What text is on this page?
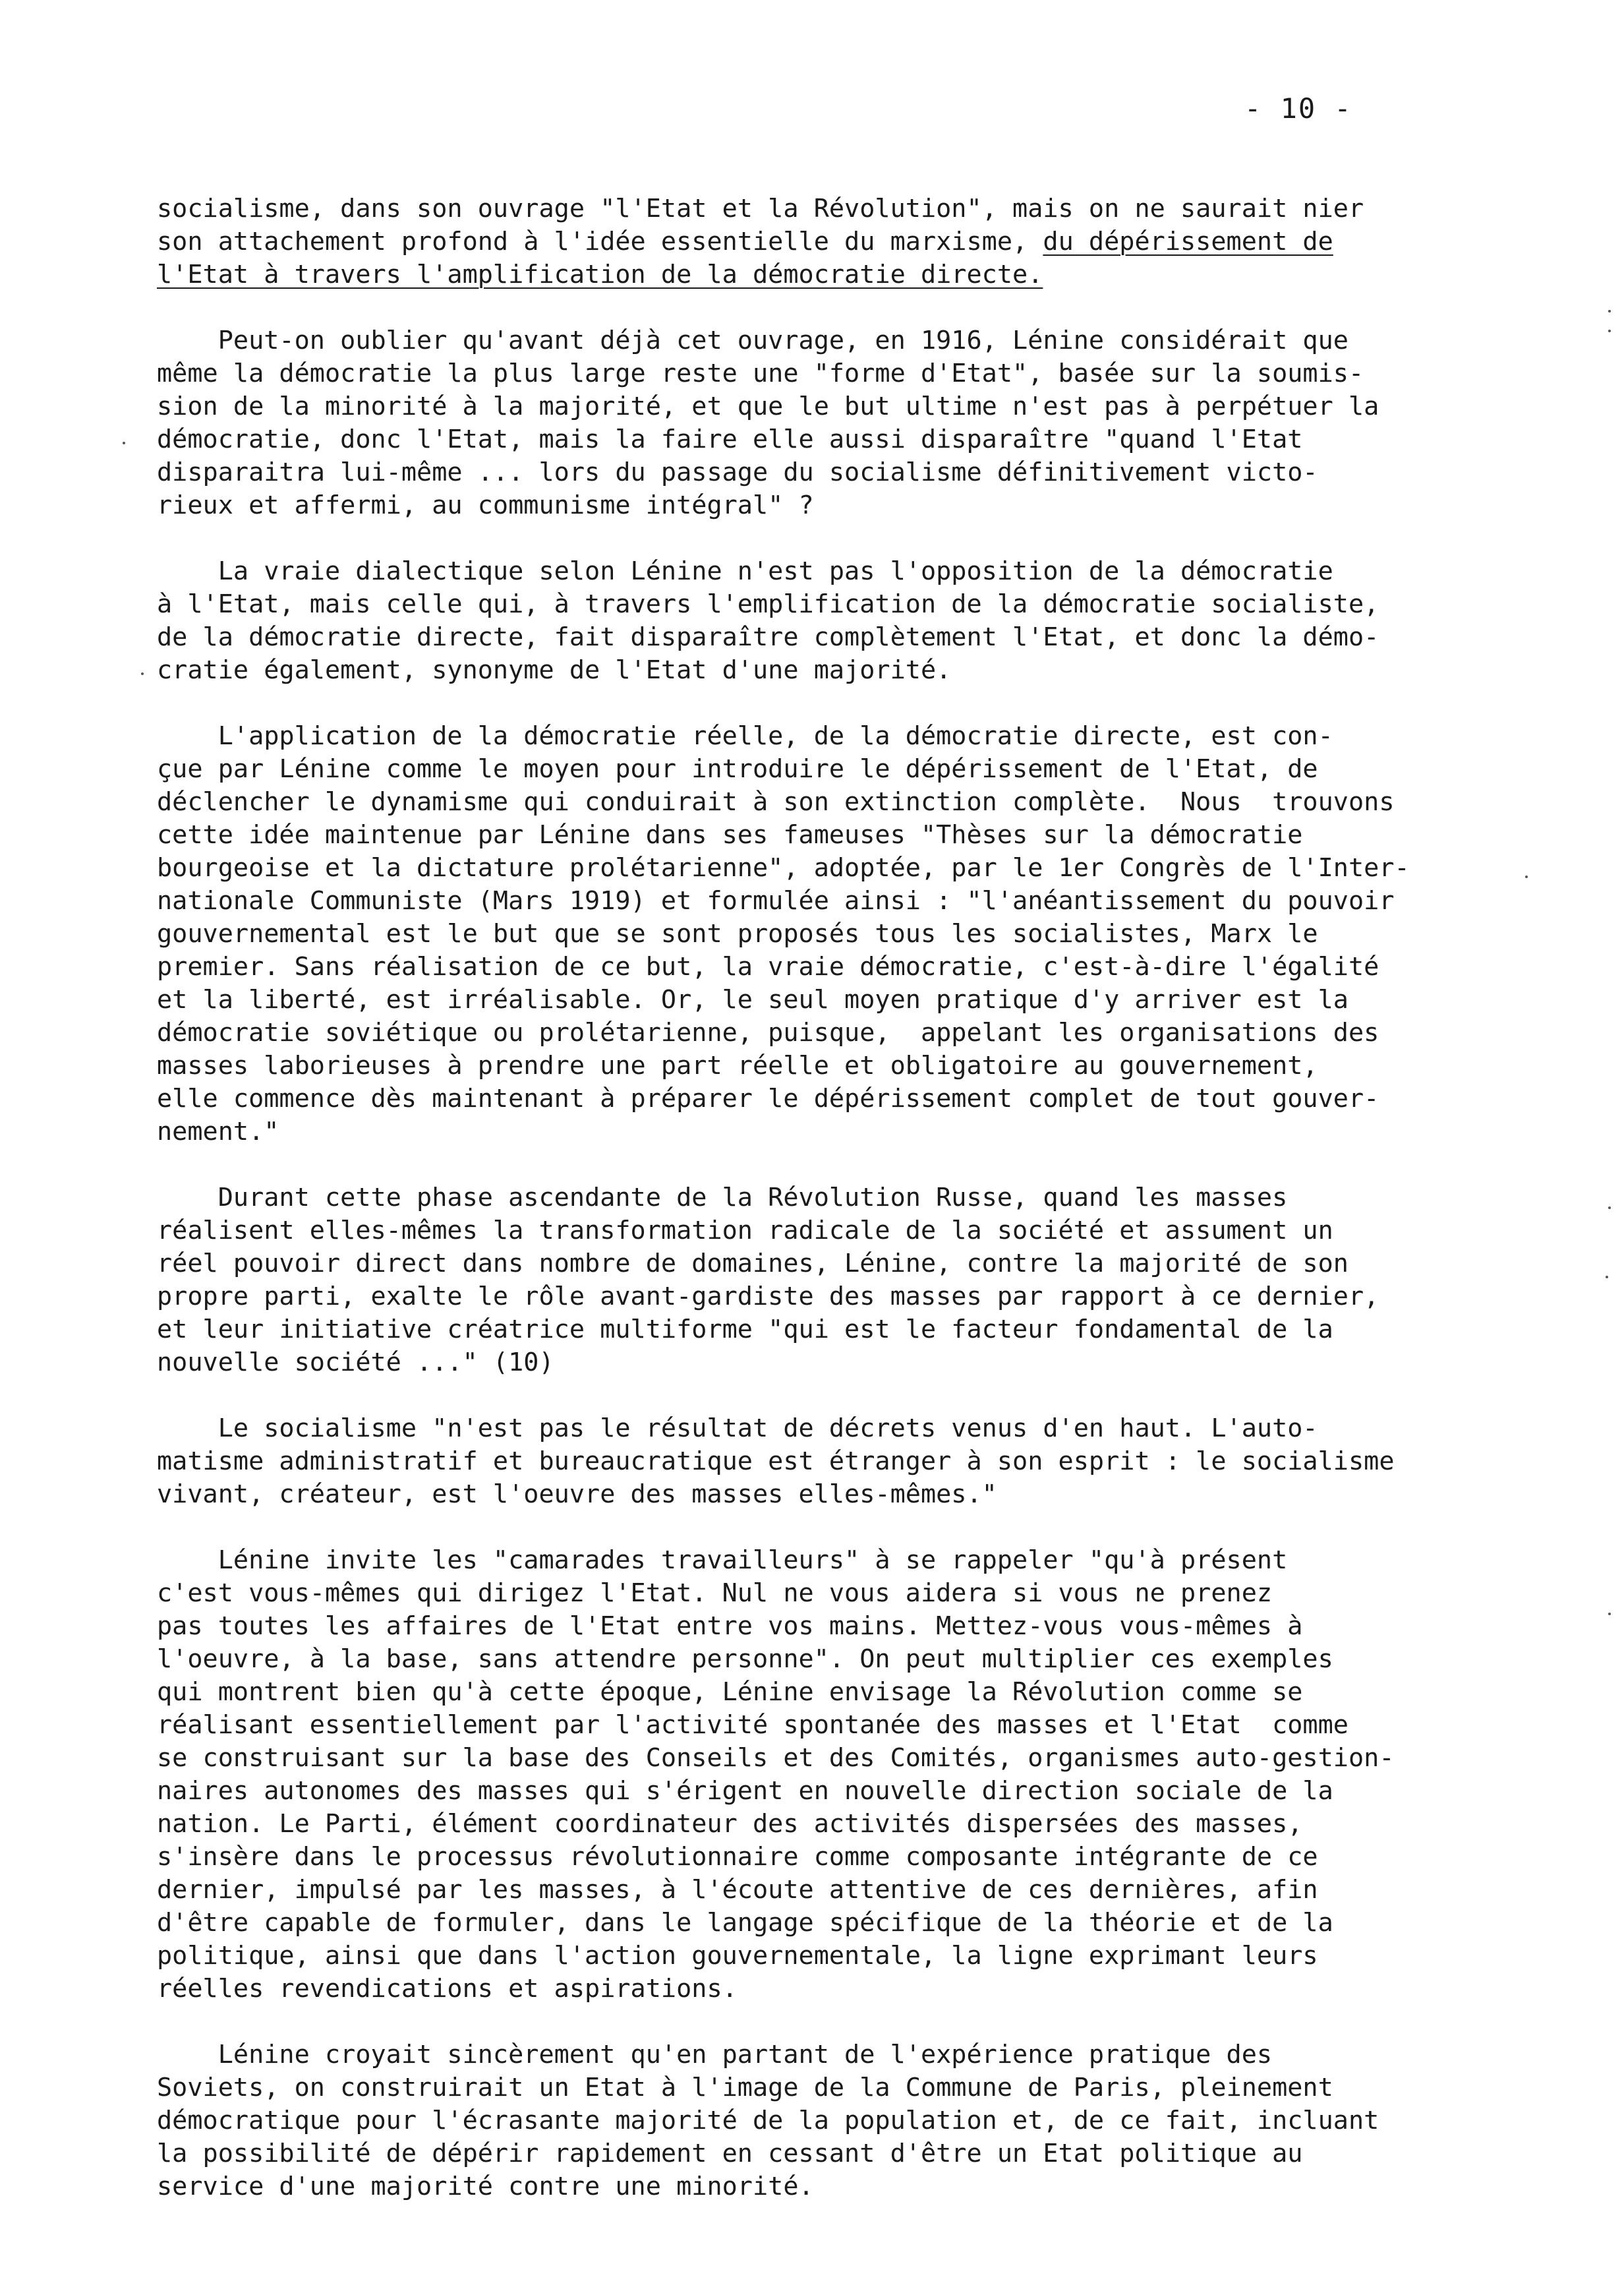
- 10 -
socialisme, dans son ouvrage "l'Etat et la Révolution", mais on ne saurait nier
son attachement profond à l'idée essentielle du marxisme, du dépérissement de
l'Etat à travers l'amplification de la démocratie directe.
Peut-on oublier qu'avant déjà cet ouvrage, en 1916, Lénine considérait que
même la démocratie la plus large reste une "forme d'Etat", basée sur la soumis-
sion de la minorité à la majorité, et que le but ultime n'est pas à perpétuer la
démocratie, donc l'Etat, mais la faire elle aussi disparaître "quand l'Etat
disparaitra lui-même ... lors du passage du socialisme définitivement victo-
rieux et affermi, au communisme intégral" ?
La vraie dialectique selon Lénine n'est pas l'opposition de la démocratie
à l'Etat, mais celle qui, à travers l'emplification de la démocratie socialiste,
de la démocratie directe, fait disparaître complètement l'Etat, et donc la démo-
cratie également, synonyme de l'Etat d'une majorité.
L'application de la démocratie réelle, de la démocratie directe, est con-
çue par Lénine comme le moyen pour introduire le dépérissement de l'Etat, de
déclencher le dynamisme qui conduirait à son extinction complète.  Nous  trouvons
cette idée maintenue par Lénine dans ses fameuses "Thèses sur la démocratie
bourgeoise et la dictature prolétarienne", adoptée, par le 1er Congrès de l'Inter-
nationale Communiste (Mars 1919) et formulée ainsi : "l'anéantissement du pouvoir
gouvernemental est le but que se sont proposés tous les socialistes, Marx le
premier. Sans réalisation de ce but, la vraie démocratie, c'est-à-dire l'égalité
et la liberté, est irréalisable. Or, le seul moyen pratique d'y arriver est la
démocratie soviétique ou prolétarienne, puisque,  appelant les organisations des
masses laborieuses à prendre une part réelle et obligatoire au gouvernement,
elle commence dès maintenant à préparer le dépérissement complet de tout gouver-
nement."
Durant cette phase ascendante de la Révolution Russe, quand les masses
réalisent elles-mêmes la transformation radicale de la société et assument un
réel pouvoir direct dans nombre de domaines, Lénine, contre la majorité de son
propre parti, exalte le rôle avant-gardiste des masses par rapport à ce dernier,
et leur initiative créatrice multiforme "qui est le facteur fondamental de la
nouvelle société ..." (10)
Le socialisme "n'est pas le résultat de décrets venus d'en haut. L'auto-
matisme administratif et bureaucratique est étranger à son esprit : le socialisme
vivant, créateur, est l'oeuvre des masses elles-mêmes."
Lénine invite les "camarades travailleurs" à se rappeler "qu'à présent
c'est vous-mêmes qui dirigez l'Etat. Nul ne vous aidera si vous ne prenez
pas toutes les affaires de l'Etat entre vos mains. Mettez-vous vous-mêmes à
l'oeuvre, à la base, sans attendre personne". On peut multiplier ces exemples
qui montrent bien qu'à cette époque, Lénine envisage la Révolution comme se
réalisant essentiellement par l'activité spontanée des masses et l'Etat  comme
se construisant sur la base des Conseils et des Comités, organismes auto-gestion-
naires autonomes des masses qui s'érigent en nouvelle direction sociale de la
nation. Le Parti, élément coordinateur des activités dispersées des masses,
s'insère dans le processus révolutionnaire comme composante intégrante de ce
dernier, impulsé par les masses, à l'écoute attentive de ces dernières, afin
d'être capable de formuler, dans le langage spécifique de la théorie et de la
politique, ainsi que dans l'action gouvernementale, la ligne exprimant leurs
réelles revendications et aspirations.
Lénine croyait sincèrement qu'en partant de l'expérience pratique des
Soviets, on construirait un Etat à l'image de la Commune de Paris, pleinement
démocratique pour l'écrasante majorité de la population et, de ce fait, incluant
la possibilité de dépérir rapidement en cessant d'être un Etat politique au
service d'une majorité contre une minorité.
